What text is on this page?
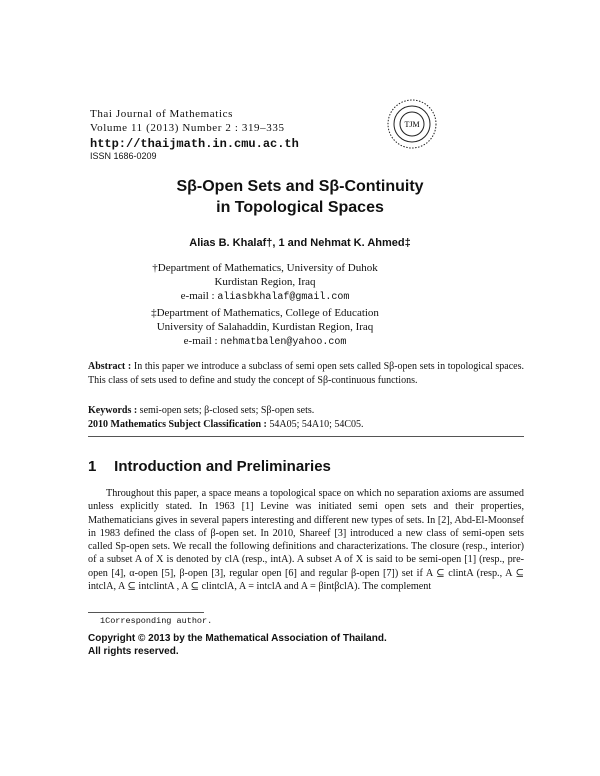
Thai Journal of Mathematics
Volume 11 (2013) Number 2 : 319–335
http://thaijmath.in.cmu.ac.th
ISSN 1686-0209
TJM
Sβ-Open Sets and Sβ-Continuity
in Topological Spaces
Alias B. Khalaf†, 1 and Nehmat K. Ahmed‡
†Department of Mathematics, University of Duhok
Kurdistan Region, Iraq
e-mail : aliasbkhalaf@gmail.com
‡Department of Mathematics, College of Education
University of Salahaddin, Kurdistan Region, Iraq
e-mail : nehmatbalen@yahoo.com
Abstract : In this paper we introduce a subclass of semi open sets called Sβ-open sets in topological spaces. This class of sets used to define and study the concept of Sβ-continuous functions.
Keywords : semi-open sets; β-closed sets; Sβ-open sets.
2010 Mathematics Subject Classification : 54A05; 54A10; 54C05.
1 Introduction and Preliminaries

Throughout this paper, a space means a topological space on which no separation axioms are assumed unless explicitly stated. In 1963 [1] Levine was initiated semi open sets and their properties, Mathematicians gives in several papers interesting and different new types of sets. In [2], Abd-El-Moonsef in 1983 defined the class of β-open set. In 2010, Shareef [3] introduced a new class of semi-open sets called Sp-open sets. We recall the following definitions and characterizations. The closure (resp., interior) of a subset A of X is denoted by clA (resp., intA). A subset A of X is said to be semi-open [1] (resp., pre-open [4], α-open [5], β-open [3], regular open [6] and regular β-open [7]) set if A ⊆ clintA (resp., A ⊆ intclA, A ⊆ intclintA , A ⊆ clintclA, A = intclA and A = βintβclA). The complement

1Corresponding author.
Copyright © 2013 by the Mathematical Association of Thailand.
All rights reserved.
